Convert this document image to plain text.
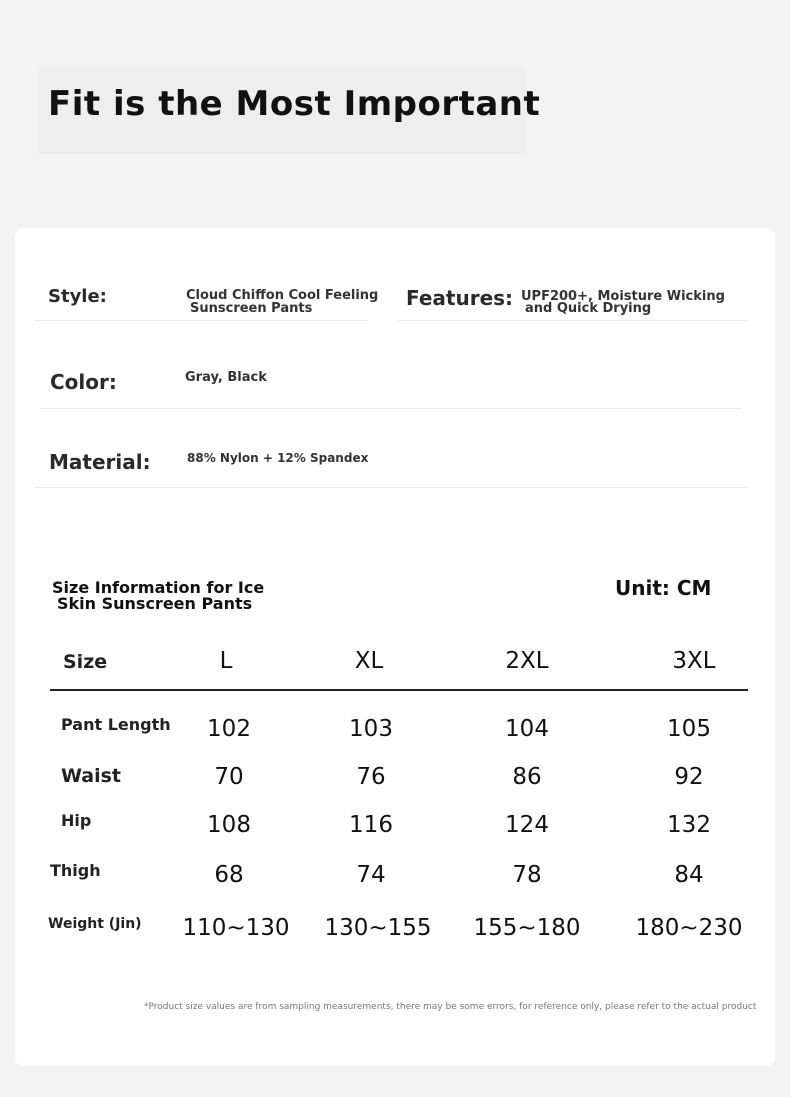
Fit is the Most Important
Style:	Cloud Chiffon Cool Feeling
Sunscreen Pants	Features: UPF200+, Moisture Wicking
and Quick Drying
Color:	Gray, Black
Material:	88% Nylon + 12% Spandex
Size Information for Ice
Skin Sunscreen Pants
Unit: CM
Size	L	XL	2XL	3XL
Pant Length	102	103	104	105
Waist	70	76	86	92
Hip	108	116	124	132
Thigh	68	74	78	84
Weight (Jin)	110~130	130~155	155~180	180~230
*Product size values are from sampling measurements, there may be some errors, for reference only, please refer to the actual product
